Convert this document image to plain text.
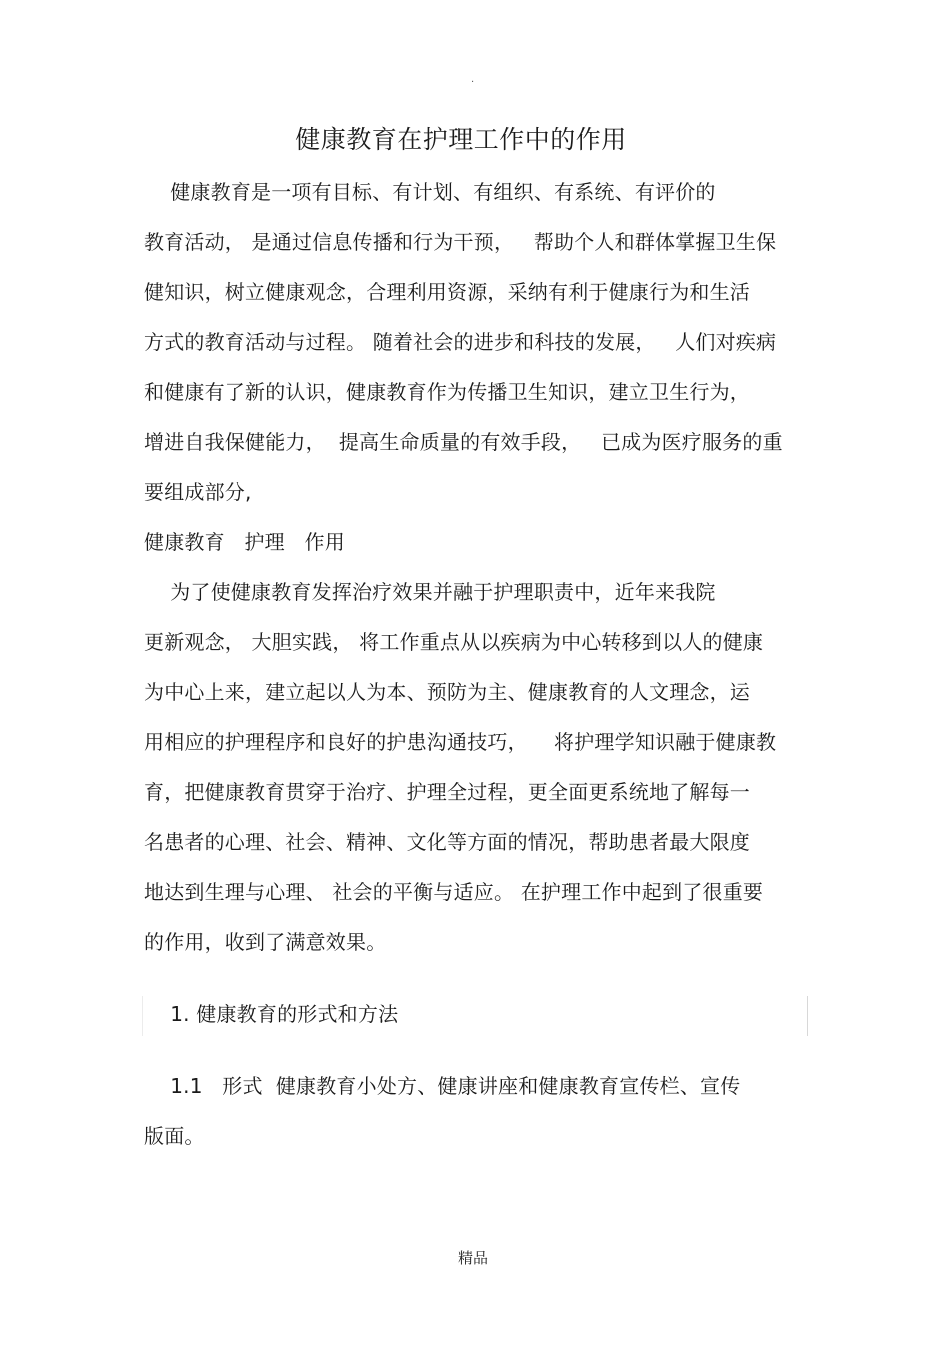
.
健康教育在护理工作中的作用
健康教育是一项有目标、有计划、有组织、有系统、有评价的
教育活动， 是通过信息传播和行为干预，   帮助个人和群体掌握卫生保
健知识，树立健康观念，合理利用资源，采纳有利于健康行为和生活
方式的教育活动与过程。 随着社会的进步和科技的发展，   人们对疾病
和健康有了新的认识，健康教育作为传播卫生知识，建立卫生行为，
增进自我保健能力，  提高生命质量的有效手段，   已成为医疗服务的重
要组成部分,
健康教育   护理   作用
为了使健康教育发挥治疗效果并融于护理职责中，近年来我院
更新观念， 大胆实践， 将工作重点从以疾病为中心转移到以人的健康
为中心上来，建立起以人为本、预防为主、健康教育的人文理念，运
用相应的护理程序和良好的护患沟通技巧，    将护理学知识融于健康教
育，把健康教育贯穿于治疗、护理全过程，更全面更系统地了解每一
名患者的心理、社会、精神、文化等方面的情况，帮助患者最大限度
地达到生理与心理、 社会的平衡与适应。 在护理工作中起到了很重要
的作用，收到了满意效果。
1. 健康教育的形式和方法
1.1   形式  健康教育小处方、健康讲座和健康教育宣传栏、宣传
版面。
精品
